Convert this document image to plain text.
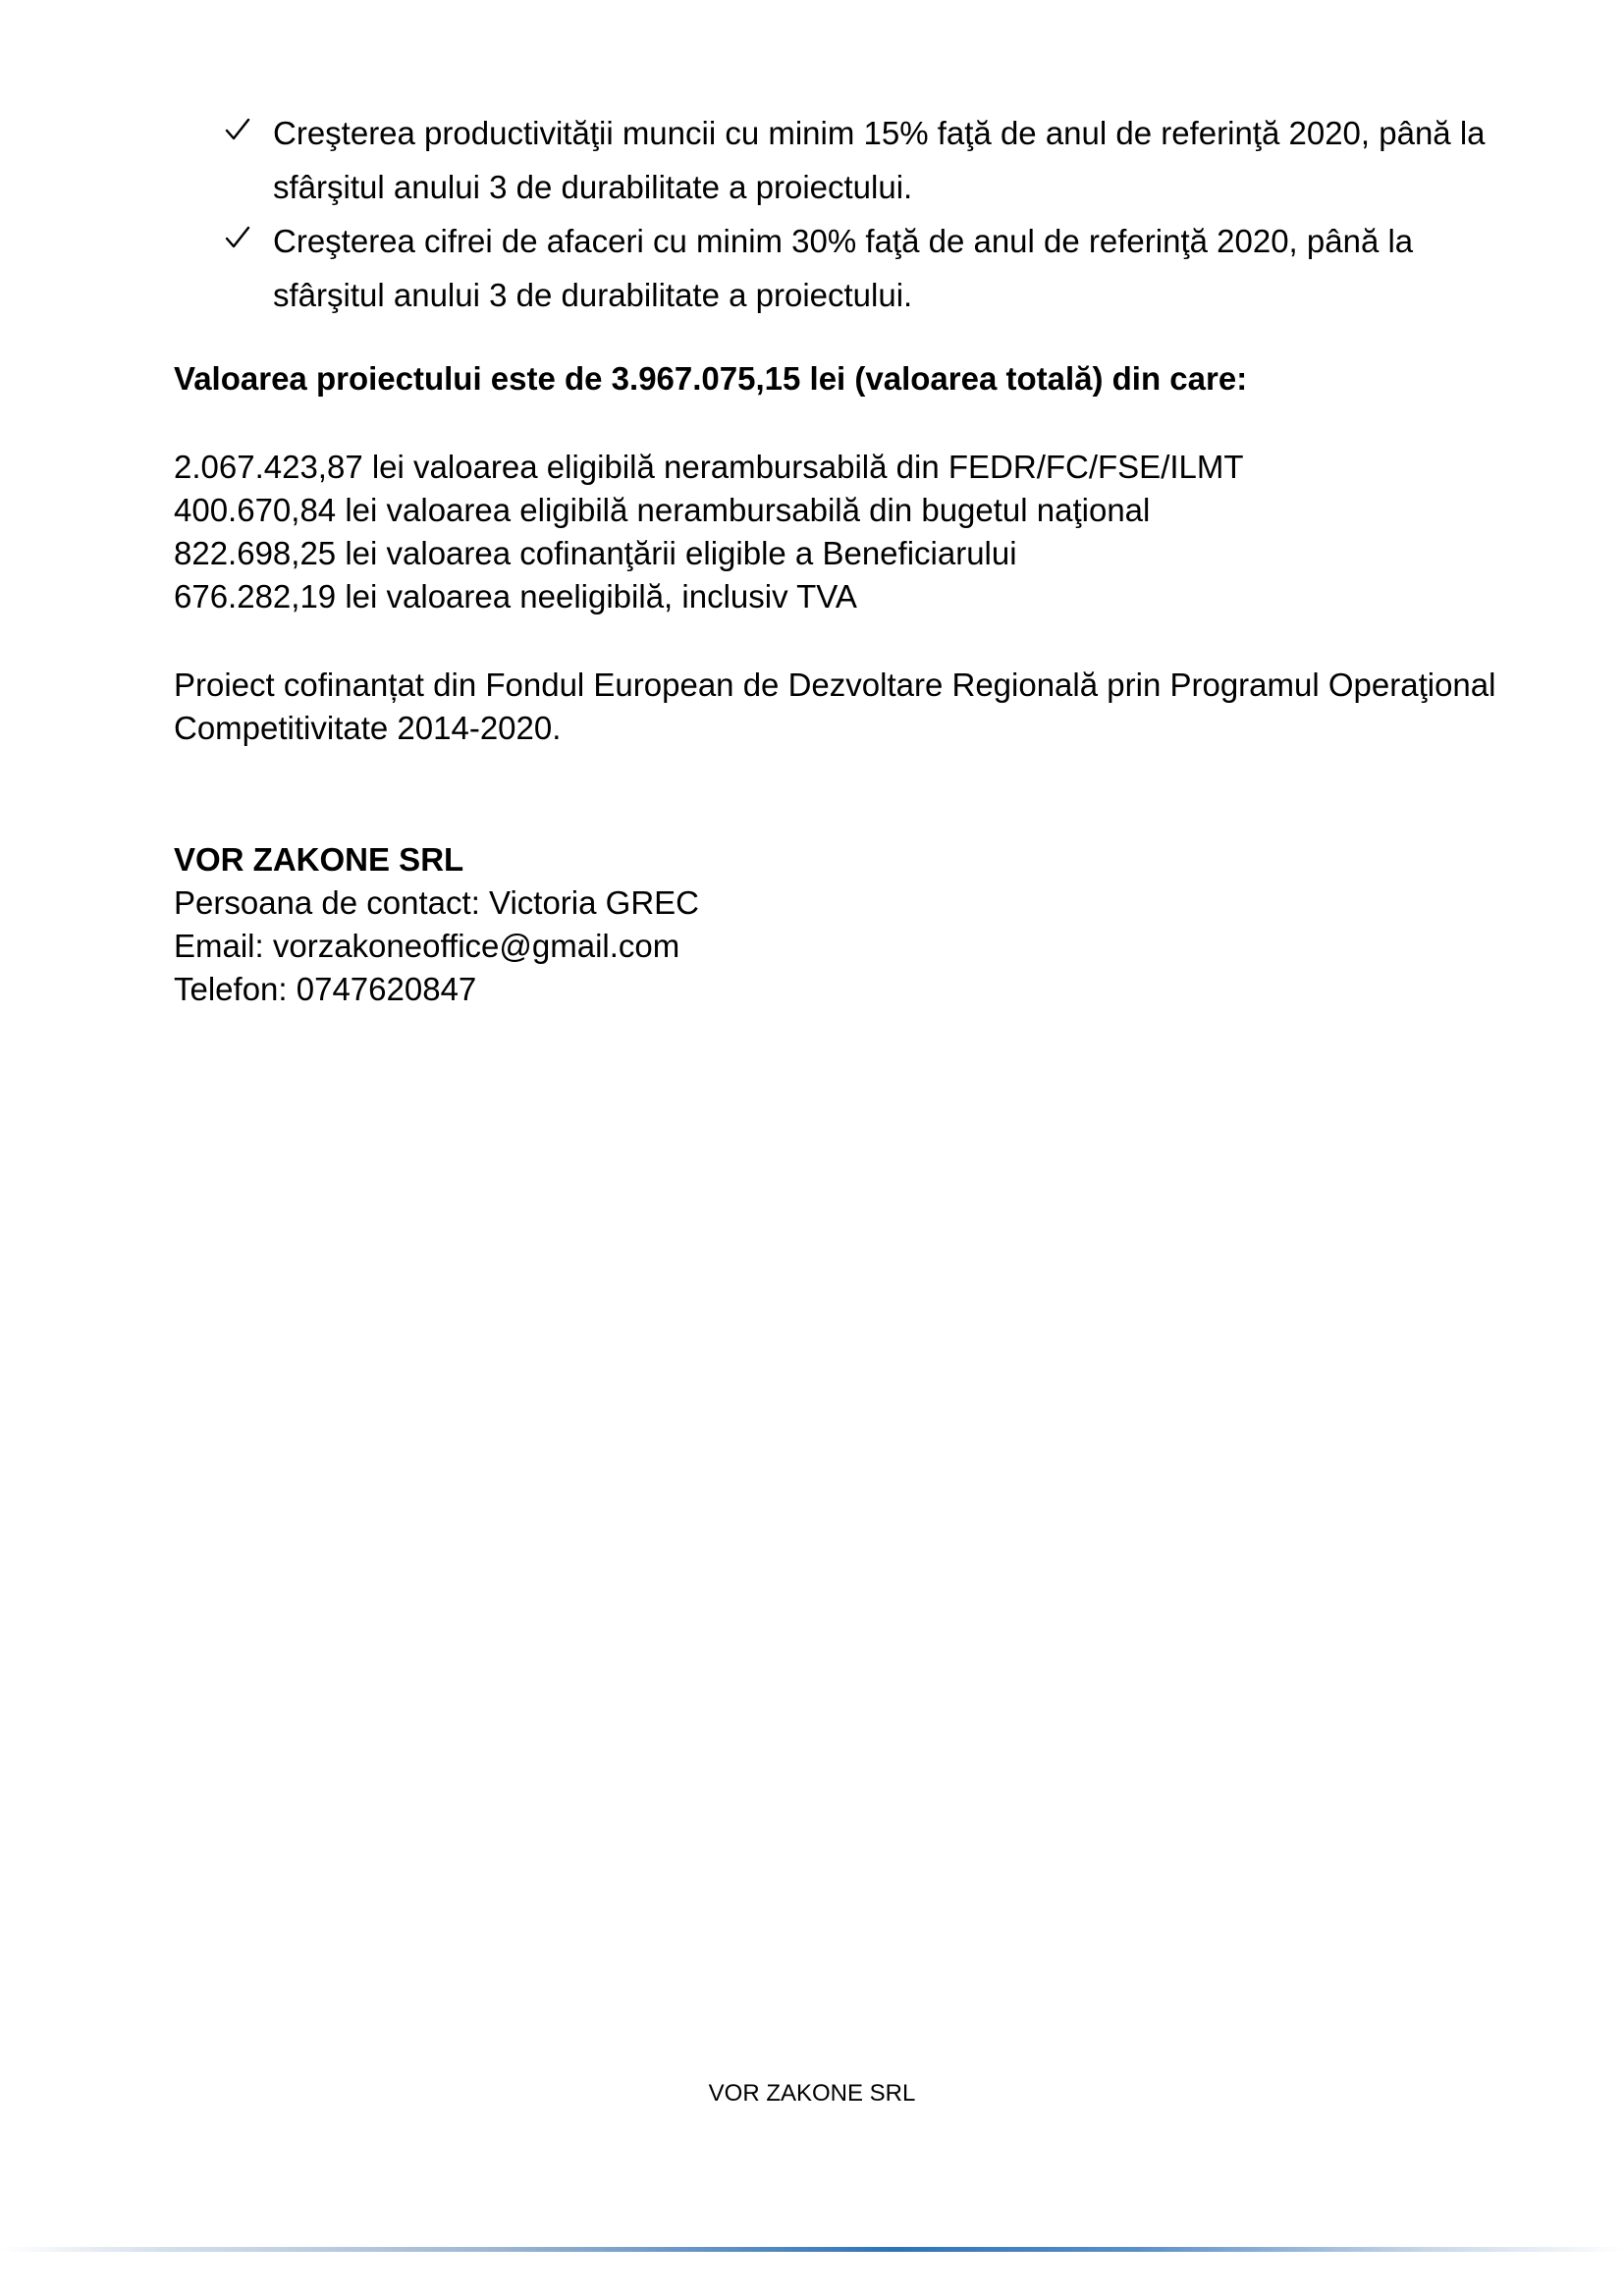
Creşterea productivităţii muncii cu minim 15% faţă de anul de referinţă 2020, până la sfârşitul anului 3 de durabilitate a proiectului.
Creşterea cifrei de afaceri cu minim 30% faţă de anul de referinţă 2020, până la sfârşitul anului 3 de durabilitate a proiectului.
Valoarea proiectului este de 3.967.075,15 lei (valoarea totală) din care:
2.067.423,87 lei valoarea eligibilă nerambursabilă din FEDR/FC/FSE/ILMT
400.670,84 lei valoarea eligibilă nerambursabilă din bugetul naţional
822.698,25 lei valoarea cofinanţării eligible a Beneficiarului
676.282,19 lei valoarea neeligibilă, inclusiv TVA
Proiect cofinanțat din Fondul European de Dezvoltare Regională prin Programul Operaţional Competitivitate 2014-2020.
VOR ZAKONE SRL
Persoana de contact: Victoria GREC
Email: vorzakoneoffice@gmail.com
Telefon: 0747620847
VOR ZAKONE SRL
